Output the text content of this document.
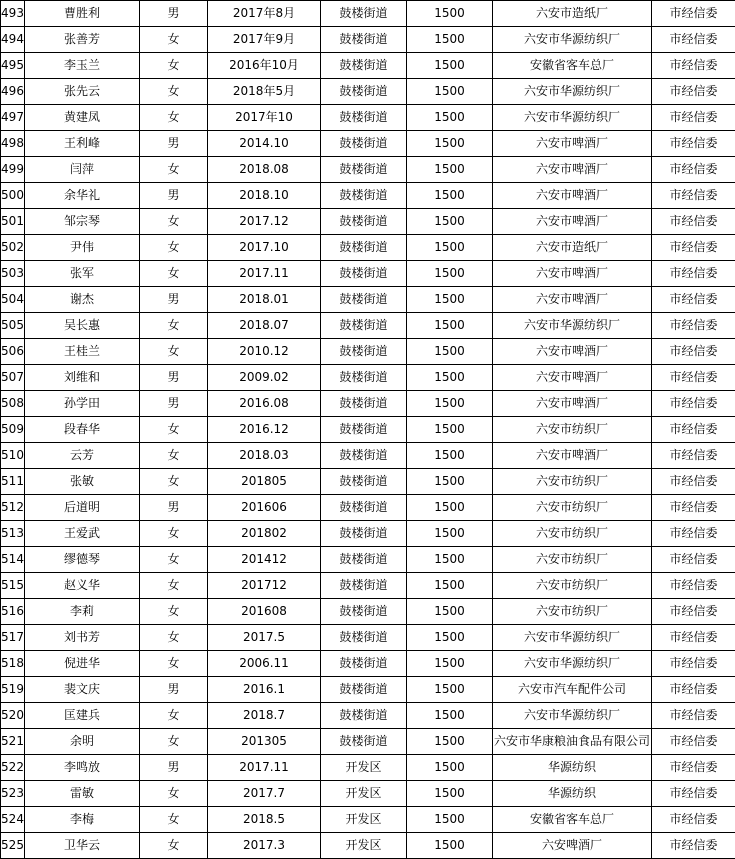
493	曹胜利	男	2017年8月	鼓楼街道	1500	六安市造纸厂	市经信委
494	张善芳	女	2017年9月	鼓楼街道	1500	六安市华源纺织厂	市经信委
495	李玉兰	女	2016年10月	鼓楼街道	1500	安徽省客车总厂	市经信委
496	张先云	女	2018年5月	鼓楼街道	1500	六安市华源纺织厂	市经信委
497	黄建凤	女	2017年10	鼓楼街道	1500	六安市华源纺织厂	市经信委
498	王利峰	男	2014.10	鼓楼街道	1500	六安市啤酒厂	市经信委
499	闫萍	女	2018.08	鼓楼街道	1500	六安市啤酒厂	市经信委
500	余华礼	男	2018.10	鼓楼街道	1500	六安市啤酒厂	市经信委
501	邹宗琴	女	2017.12	鼓楼街道	1500	六安市啤酒厂	市经信委
502	尹伟	女	2017.10	鼓楼街道	1500	六安市造纸厂	市经信委
503	张军	女	2017.11	鼓楼街道	1500	六安市啤酒厂	市经信委
504	谢杰	男	2018.01	鼓楼街道	1500	六安市啤酒厂	市经信委
505	吴长惠	女	2018.07	鼓楼街道	1500	六安市华源纺织厂	市经信委
506	王桂兰	女	2010.12	鼓楼街道	1500	六安市啤酒厂	市经信委
507	刘维和	男	2009.02	鼓楼街道	1500	六安市啤酒厂	市经信委
508	孙学田	男	2016.08	鼓楼街道	1500	六安市啤酒厂	市经信委
509	段春华	女	2016.12	鼓楼街道	1500	六安市纺织厂	市经信委
510	云芳	女	2018.03	鼓楼街道	1500	六安市啤酒厂	市经信委
511	张敏	女	201805	鼓楼街道	1500	六安市纺织厂	市经信委
512	后道明	男	201606	鼓楼街道	1500	六安市纺织厂	市经信委
513	王爱武	女	201802	鼓楼街道	1500	六安市纺织厂	市经信委
514	缪德琴	女	201412	鼓楼街道	1500	六安市纺织厂	市经信委
515	赵义华	女	201712	鼓楼街道	1500	六安市纺织厂	市经信委
516	李莉	女	201608	鼓楼街道	1500	六安市纺织厂	市经信委
517	刘书芳	女	2017.5	鼓楼街道	1500	六安市华源纺织厂	市经信委
518	倪进华	女	2006.11	鼓楼街道	1500	六安市华源纺织厂	市经信委
519	裴文庆	男	2016.1	鼓楼街道	1500	六安市汽车配件公司	市经信委
520	匡建兵	女	2018.7	鼓楼街道	1500	六安市华源纺织厂	市经信委
521	余明	女	201305	鼓楼街道	1500	六安市华康粮油食品有限公司	市经信委
522	李鸣放	男	2017.11	开发区	1500	华源纺织	市经信委
523	雷敏	女	2017.7	开发区	1500	华源纺织	市经信委
524	李梅	女	2018.5	开发区	1500	安徽省客车总厂	市经信委
525	卫华云	女	2017.3	开发区	1500	六安啤酒厂	市经信委
